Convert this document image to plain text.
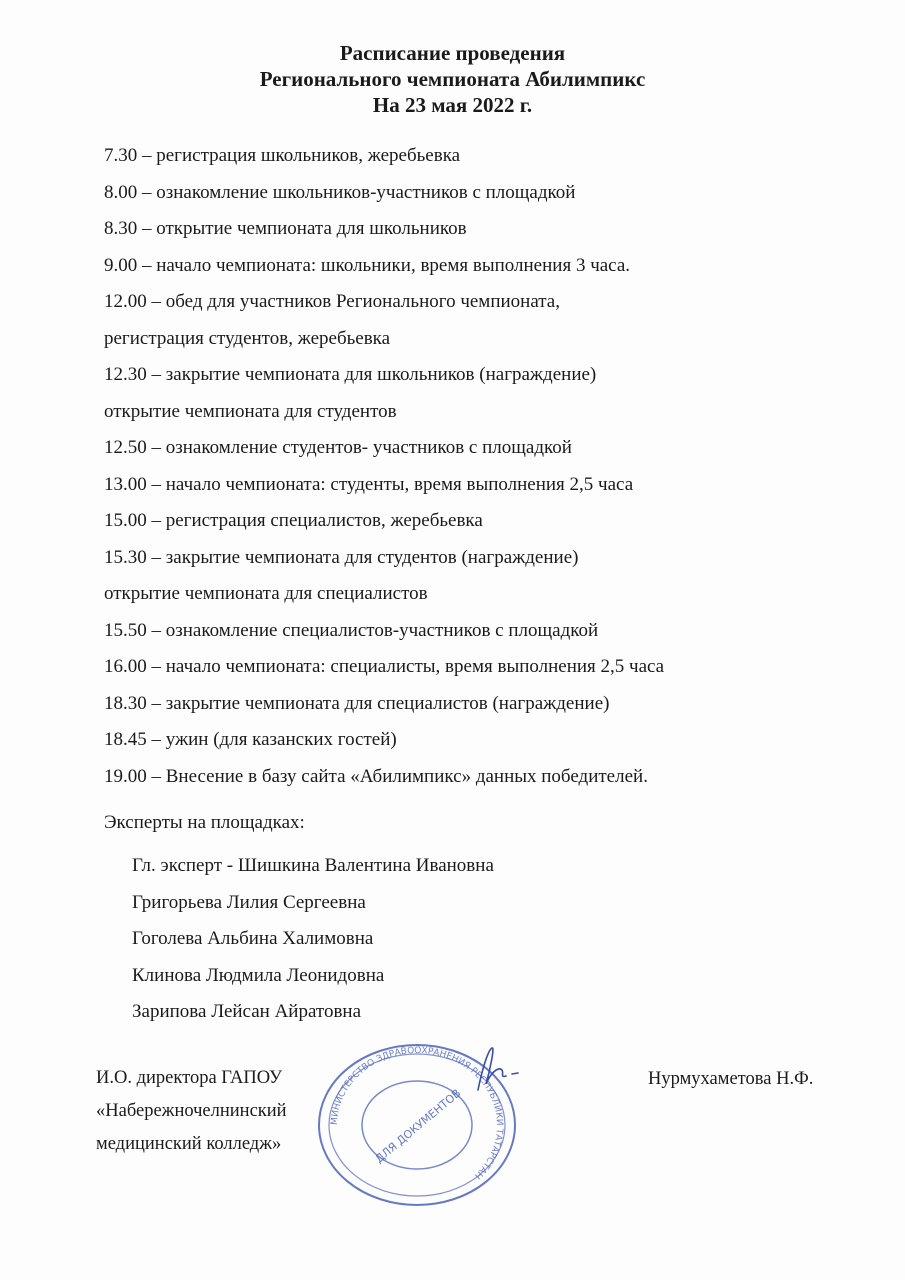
Расписание проведения
Регионального чемпионата Абилимпикс
На 23 мая 2022 г.
7.30 – регистрация школьников, жеребьевка
8.00 – ознакомление школьников-участников с площадкой
8.30 – открытие чемпионата для школьников
9.00 – начало чемпионата: школьники, время выполнения 3 часа.
12.00 – обед для участников Регионального чемпионата,
регистрация студентов, жеребьевка
12.30 – закрытие чемпионата для школьников (награждение)
открытие чемпионата для студентов
12.50 – ознакомление студентов- участников с площадкой
13.00 – начало чемпионата: студенты, время выполнения 2,5 часа
15.00 – регистрация специалистов, жеребьевка
15.30 – закрытие чемпионата для студентов (награждение)
открытие чемпионата для специалистов
15.50 – ознакомление специалистов-участников с площадкой
16.00 – начало чемпионата: специалисты, время выполнения 2,5 часа
18.30 – закрытие чемпионата для специалистов (награждение)
18.45 – ужин (для казанских гостей)
19.00 – Внесение в базу сайта «Абилимпикс» данных победителей.
Эксперты на площадках:
Гл. эксперт - Шишкина Валентина Ивановна
Григорьева Лилия Сергеевна
Гоголева Альбина Халимовна
Клинова Людмила Леонидовна
Зарипова Лейсан Айратовна
И.О. директора ГАПОУ
«Набережночелнинский
медицинский колледж»
МИНИСТЕРСТВО ЗДРАВООХРАНЕНИЯ РЕСПУБЛИКИ ТАТАРСТАН
ДЛЯ ДОКУМЕНТОВ
Нурмухаметова Н.Ф.
